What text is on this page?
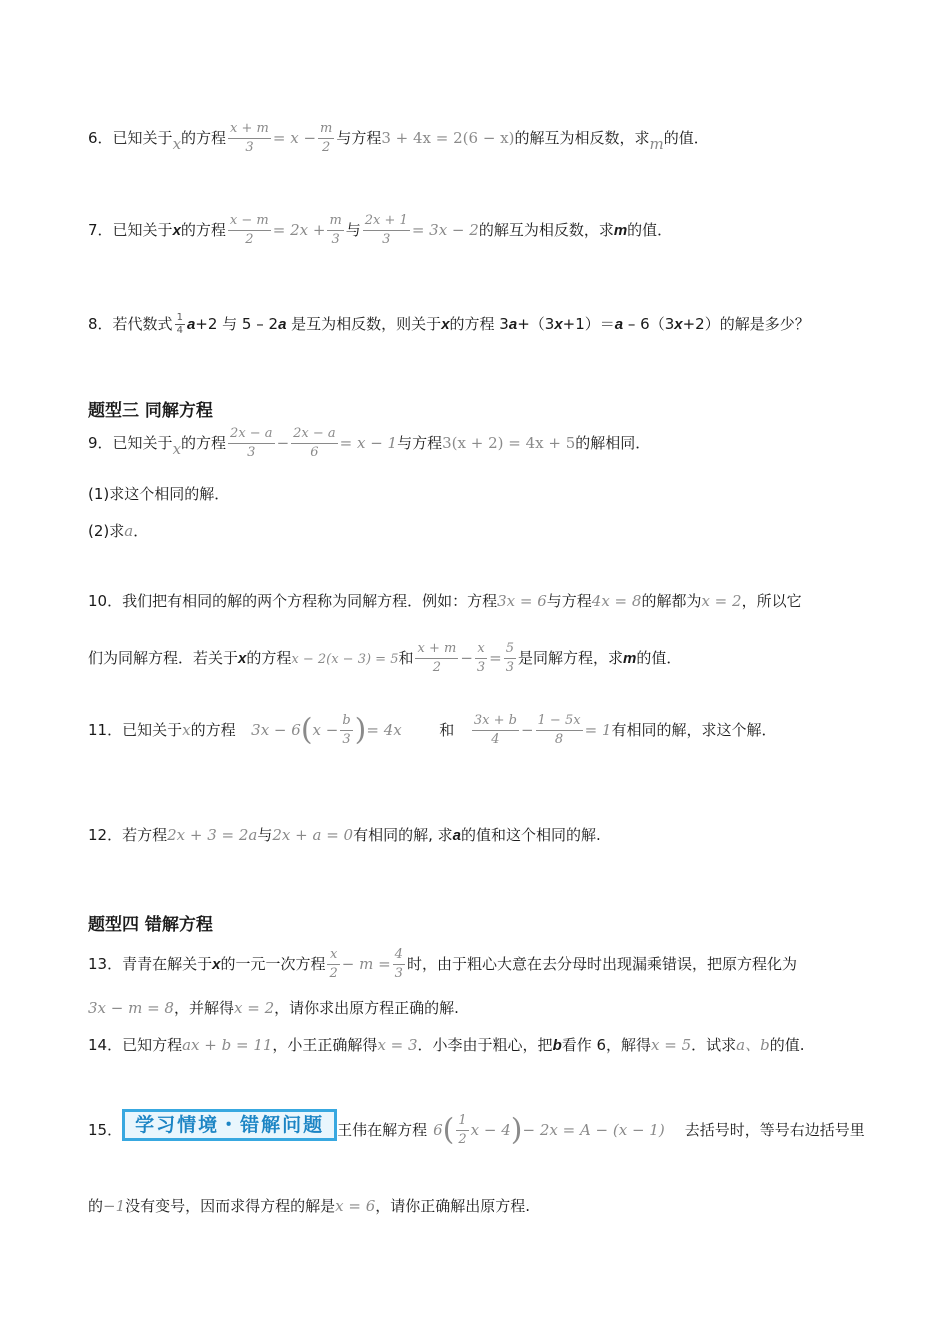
6．已知关于x的方程 $\frac{x + m}{3} = x - \frac{m}{2}$ 与方程3 + 4x = 2(6 − x)的解互为相反数，求m的值．
7．已知关于x的方程 $\frac{x - m}{2} = 2x + \frac{m}{3}$ 与 $\frac{2x + 1}{3} = 3x - 2$的解互为相反数，求m的值．
8．若代数式 $\frac{1}{4} a+2$ 与 5 – 2a 是互为相反数，则关于x的方程 3a+（3x+1）＝a – 6（3x+2）的解是多少？
题型三 同解方程
9．已知关于x的方程 $\frac{2x - a}{3} - \frac{2x - a}{6} = x - 1$与方程3(x + 2) = 4x + 5的解相同．
(1)求这个相同的解．
(2)求a．
10．我们把有相同的解的两个方程称为同解方程．例如：方程3x = 6与方程4x = 8的解都为x = 2，所以它
们为同解方程．若关于x的方程x − 2(x − 3) = 5和 $\frac{x + m}{2} - \frac{x}{3} = \frac{5}{3}$ 是同解方程，求m的值．
11．已知关于x的方程 $3x - 6(x - \frac{b}{3}$ )= 4x	和 $\frac{3x + b}{4} - \frac{1 - 5x}{8} = 1$有相同的解，求这个解．
12．若方程2x + 3 = 2a与2x + a = 0有相同的解, 求a的值和这个相同的解.
题型四 错解方程
13．青青在解关于x的一元一次方程 $\frac{x}{2} - m = \frac{4}{3}$ 时，由于粗心大意在去分母时出现漏乘错误，把原方程化为
3x − m = 8，并解得x = 2，请你求出原方程正确的解.
14．已知方程ax + b = 11，小王正确解得x = 3．小李由于粗心，把b看作 6，解得x = 5．试求a、b的值.
15． 学习情境・错解问题 王伟在解方程 $6( \frac{1}{2}$ x − 4)− 2x = A − (x − 1) 去括号时，等号右边括号里
的−1没有变号，因而求得方程的解是x = 6，请你正确解出原方程.
